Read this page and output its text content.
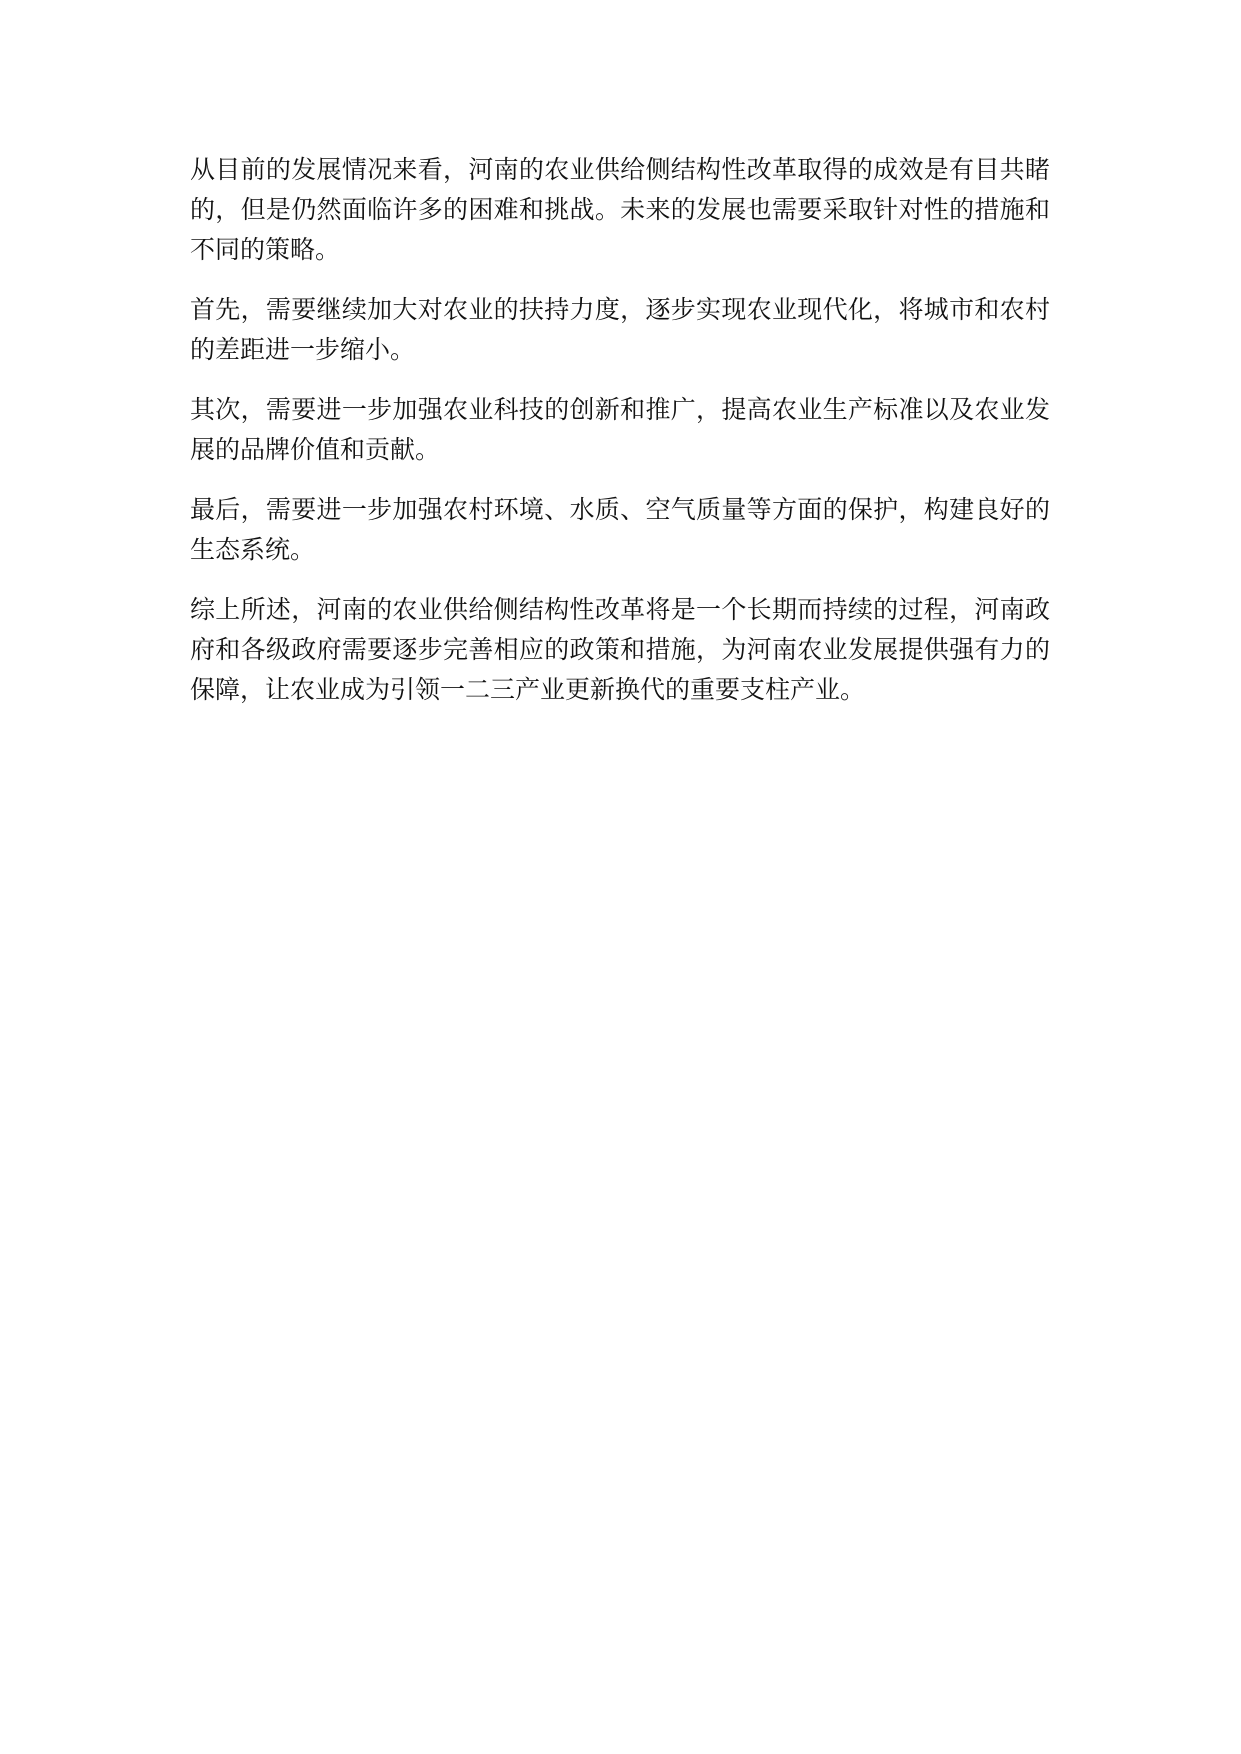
从目前的发展情况来看，河南的农业供给侧结构性改革取得的成效是有目共睹的，但是仍然面临许多的困难和挑战。未来的发展也需要采取针对性的措施和不同的策略。

首先，需要继续加大对农业的扶持力度，逐步实现农业现代化，将城市和农村的差距进一步缩小。

其次，需要进一步加强农业科技的创新和推广，提高农业生产标准以及农业发展的品牌价值和贡献。

最后，需要进一步加强农村环境、水质、空气质量等方面的保护，构建良好的生态系统。

综上所述，河南的农业供给侧结构性改革将是一个长期而持续的过程，河南政府和各级政府需要逐步完善相应的政策和措施，为河南农业发展提供强有力的保障，让农业成为引领一二三产业更新换代的重要支柱产业。
